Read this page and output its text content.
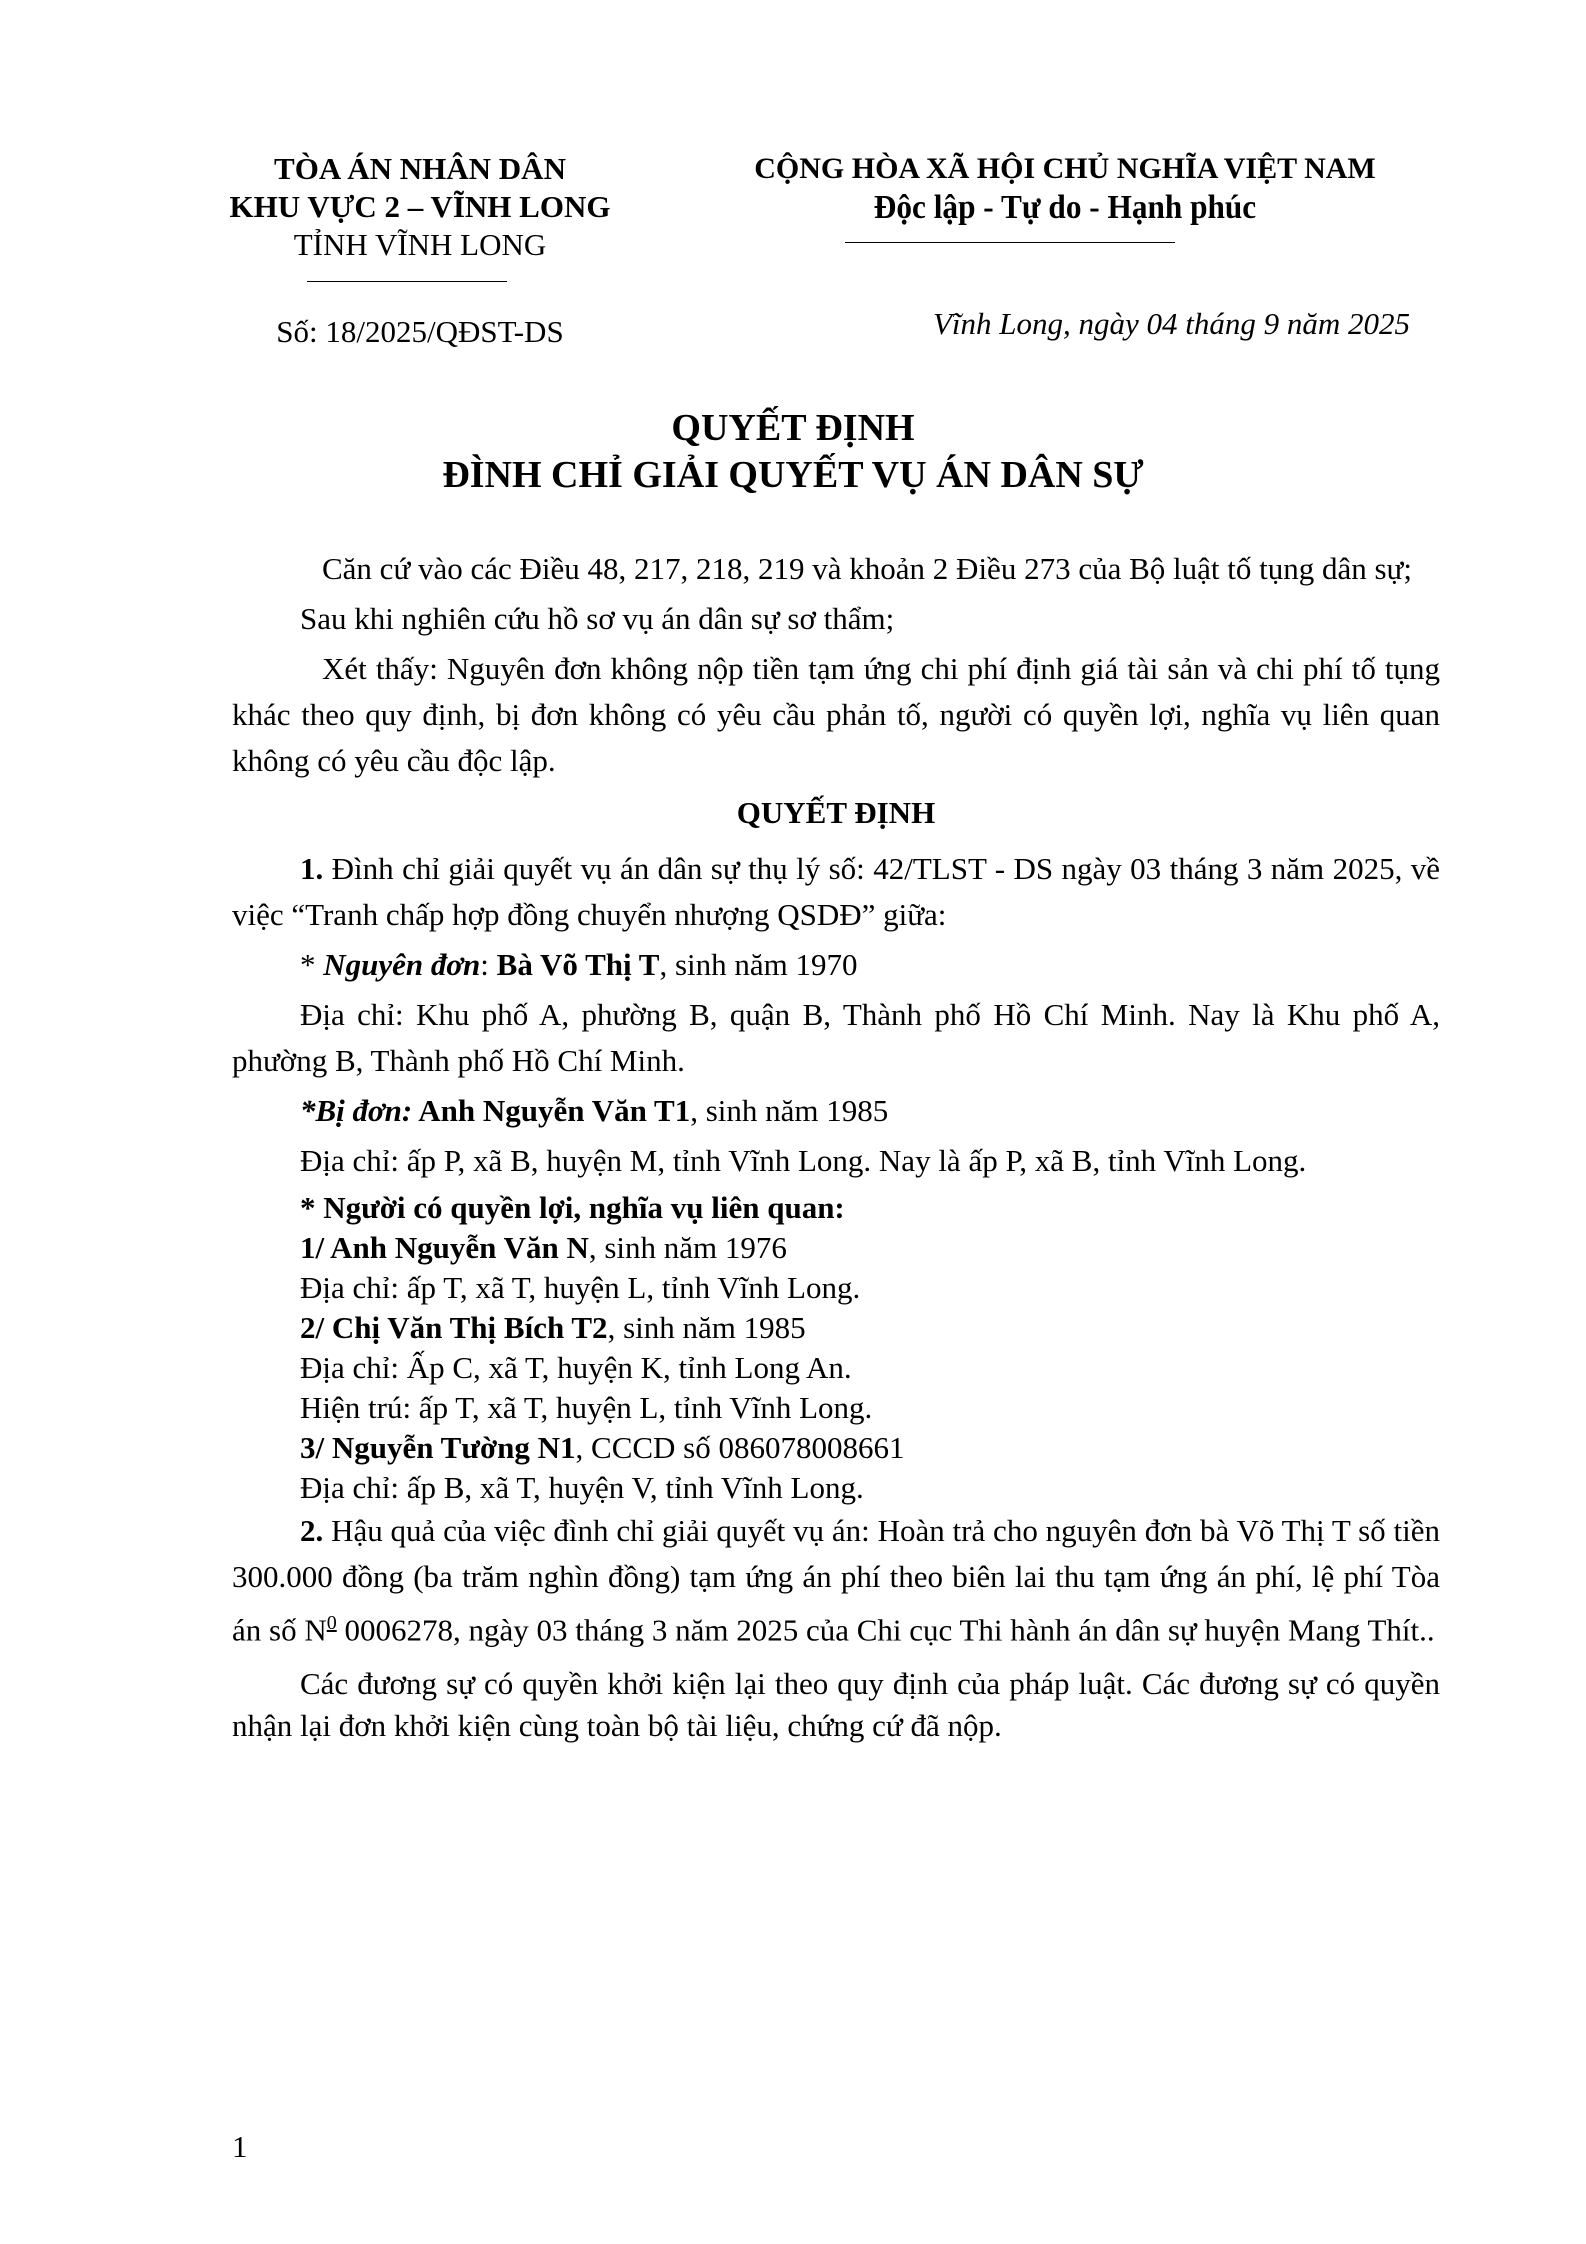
TÒA ÁN NHÂN DÂN
KHU VỰC 2 – VĨNH LONG
TỈNH VĨNH LONG
CỘNG HÒA XÃ HỘI CHỦ NGHĨA VIỆT NAM
Độc lập - Tự do - Hạnh phúc
Số: 18/2025/QĐST-DS	Vĩnh Long, ngày 04 tháng 9 năm 2025
QUYẾT ĐỊNH
ĐÌNH CHỈ GIẢI QUYẾT VỤ ÁN DÂN SỰ

Căn cứ vào các Điều 48, 217, 218, 219 và khoản 2 Điều 273 của Bộ luật tố tụng dân sự;

Sau khi nghiên cứu hồ sơ vụ án dân sự sơ thẩm;

Xét thấy: Nguyên đơn không nộp tiền tạm ứng chi phí định giá tài sản và chi phí tố tụng khác theo quy định, bị đơn không có yêu cầu phản tố, người có quyền lợi, nghĩa vụ liên quan không có yêu cầu độc lập.

QUYẾT ĐỊNH

1. Đình chỉ giải quyết vụ án dân sự thụ lý số: 42/TLST - DS ngày 03 tháng 3 năm 2025, về việc “Tranh chấp hợp đồng chuyển nhượng QSDĐ” giữa:

* Nguyên đơn: Bà Võ Thị T, sinh năm 1970

Địa chỉ: Khu phố A, phường B, quận B, Thành phố Hồ Chí Minh. Nay là Khu phố A, phường B, Thành phố Hồ Chí Minh.

*Bị đơn: Anh Nguyễn Văn T1, sinh năm 1985

Địa chỉ: ấp P, xã B, huyện M, tỉnh Vĩnh Long. Nay là ấp P, xã B, tỉnh Vĩnh Long.

* Người có quyền lợi, nghĩa vụ liên quan:
1/ Anh Nguyễn Văn N, sinh năm 1976
Địa chỉ: ấp T, xã T, huyện L, tỉnh Vĩnh Long.
2/ Chị Văn Thị Bích T2, sinh năm 1985
Địa chỉ: Ấp C, xã T, huyện K, tỉnh Long An.
Hiện trú: ấp T, xã T, huyện L, tỉnh Vĩnh Long.
3/ Nguyễn Tường N1, CCCD số 086078008661
Địa chỉ: ấp B, xã T, huyện V, tỉnh Vĩnh Long.

2. Hậu quả của việc đình chỉ giải quyết vụ án: Hoàn trả cho nguyên đơn bà Võ Thị T số tiền 300.000 đồng (ba trăm nghìn đồng) tạm ứng án phí theo biên lai thu tạm ứng án phí, lệ phí Tòa án số $N^0$ 0006278, ngày 03 tháng 3 năm 2025 của Chi cục Thi hành án dân sự huyện Mang Thít..

Các đương sự có quyền khởi kiện lại theo quy định của pháp luật. Các đương sự có quyền nhận lại đơn khởi kiện cùng toàn bộ tài liệu, chứng cứ đã nộp.

1
